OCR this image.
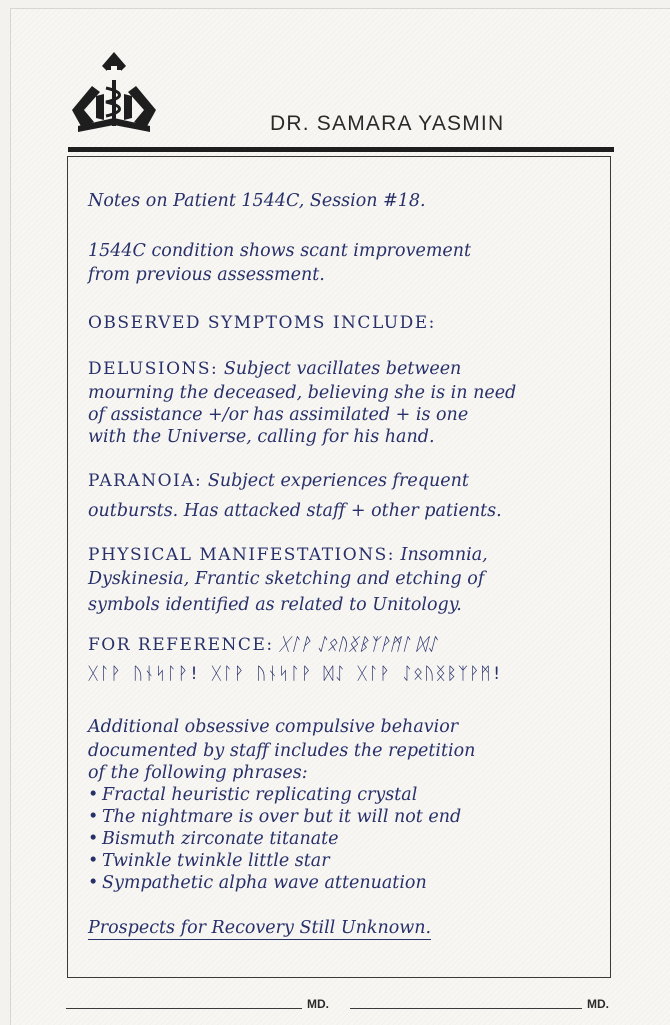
DR. SAMARA YASMIN
Notes on Patient 1544C, Session #18.
1544C condition shows scant improvement
from previous assessment.
OBSERVED SYMPTOMS INCLUDE:
DELUSIONS: Subject vacillates between
mourning the deceased, believing she is in need
of assistance +/or has assimilated + is one
with the Universe, calling for his hand.
PARANOIA: Subject experiences frequent
outbursts. Has attacked staff + other patients.
PHYSICAL MANIFESTATIONS: Insomnia,
Dyskinesia, Frantic sketching and etching of
symbols identified as related to Unitology.
FOR REFERENCE: ᚷᛚᚹ ᛇᛟᚢᛝᛒᛉᚹᛗᛚ ᛞᛇ
ᚷᛚᚹ ᚢᚾᛋᛚᚹ! ᚷᛚᚹ ᚢᚾᛋᛚᚹ ᛞᛇ ᚷᛚᚹ ᛇᛟᚢᛝᛒᛉᚹᛗ!
Additional obsessive compulsive behavior
documented by staff includes the repetition
of the following phrases:
• Fractal heuristic replicating crystal
• The nightmare is over but it will not end
• Bismuth zirconate titanate
• Twinkle twinkle little star
• Sympathetic alpha wave attenuation
Prospects for Recovery Still Unknown.
MD.	MD.
